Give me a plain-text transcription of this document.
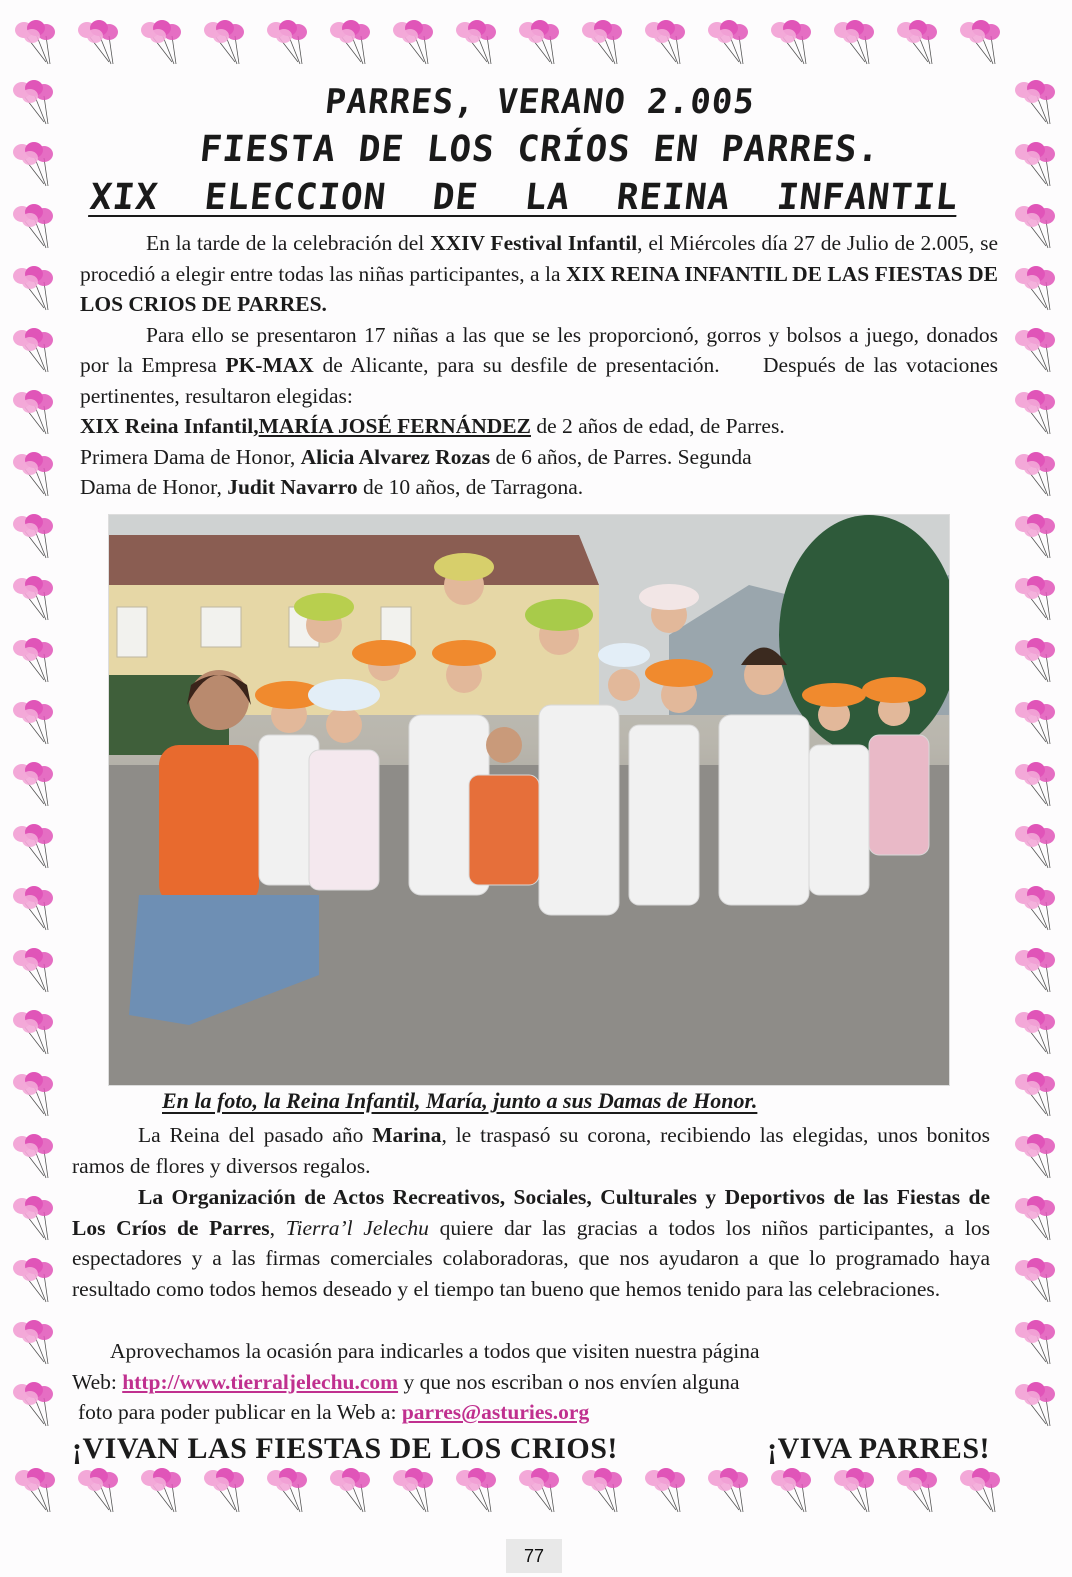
PARRES, VERANO 2.005
FIESTA DE LOS CRÍOS EN PARRES.
XIX ELECCION DE LA REINA INFANTIL
En la tarde de la celebración del XXIV Festival Infantil, el Miércoles día 27 de Julio de 2.005, se procedió a elegir entre todas las niñas participantes, a la XIX REINA INFANTIL DE LAS FIESTAS DE LOS CRIOS DE PARRES.
Para ello se presentaron 17 niñas a las que se les proporcionó, gorros y bolsos a juego, donados por la Empresa PK-MAX de Alicante, para su desfile de presentación. Después de las votaciones pertinentes, resultaron elegidas:
XIX Reina Infantil,MARÍA JOSÉ FERNÁNDEZ de 2 años de edad, de Parres.
Primera Dama de Honor, Alicia Alvarez Rozas de 6 años, de Parres. Segunda
Dama de Honor, Judit Navarro de 10 años, de Tarragona.
En la foto, la Reina Infantil, María, junto a sus Damas de Honor.
La Reina del pasado año Marina, le traspasó su corona, recibiendo las elegidas, unos bonitos ramos de flores y diversos regalos.
La Organización de Actos Recreativos, Sociales, Culturales y Deportivos de las Fiestas de Los Críos de Parres, Tierra’l Jelechu quiere dar las gracias a todos los niños participantes, a los espectadores y a las firmas comerciales colaboradoras, que nos ayudaron a que lo programado haya resultado como todos hemos deseado y el tiempo tan bueno que hemos tenido para las celebraciones.
Aprovechamos la ocasión para indicarles a todos que visiten nuestra página
Web: http://www.tierraljelechu.com y que nos escriban o nos envíen alguna
foto para poder publicar en la Web a: parres@asturies.org
¡VIVAN LAS FIESTAS DE LOS CRIOS!	¡VIVA PARRES!
77
